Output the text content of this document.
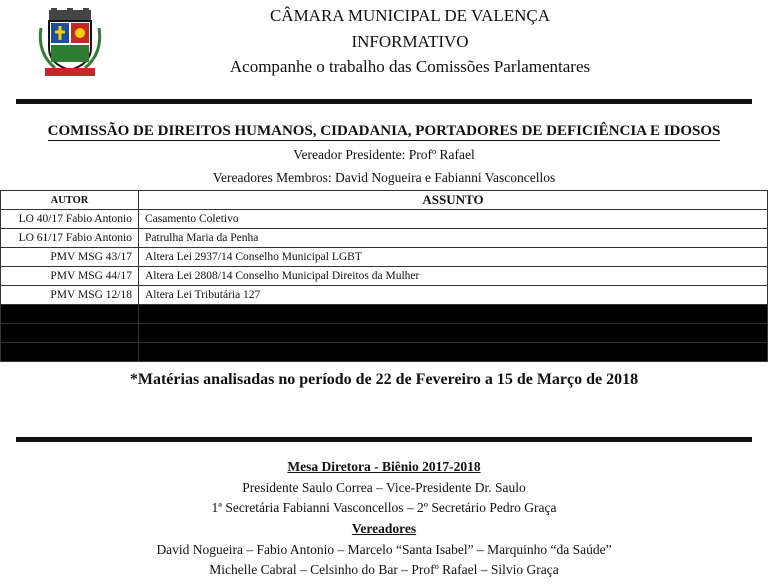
CÂMARA MUNICIPAL DE VALENÇA
INFORMATIVO
Acompanhe o trabalho das Comissões Parlamentares
COMISSÃO DE DIREITOS HUMANOS, CIDADANIA, PORTADORES DE DEFICIÊNCIA E IDOSOS
Vereador Presidente: Profº Rafael
Vereadores Membros: David Nogueira e Fabianni Vasconcellos
AUTOR	ASSUNTO
LO 40/17 Fabio Antonio	Casamento Coletivo
LO 61/17 Fabio Antonio	Patrulha Maria da Penha
PMV MSG 43/17	Altera Lei 2937/14 Conselho Municipal LGBT
PMV MSG 44/17	Altera Lei 2808/14 Conselho Municipal Direitos da Mulher
PMV MSG 12/18	Altera Lei Tributária 127

*Matérias analisadas no período de 22 de Fevereiro a 15 de Março de 2018
Mesa Diretora - Biênio 2017-2018
Presidente Saulo Correa – Vice-Presidente Dr. Saulo
1ª Secretária Fabianni Vasconcellos – 2º Secretário Pedro Graça
Vereadores
David Nogueira – Fabio Antonio – Marcelo “Santa Isabel” – Marquinho “da Saúde”
Michelle Cabral – Celsinho do Bar – Profº Rafael – Silvio Graça
